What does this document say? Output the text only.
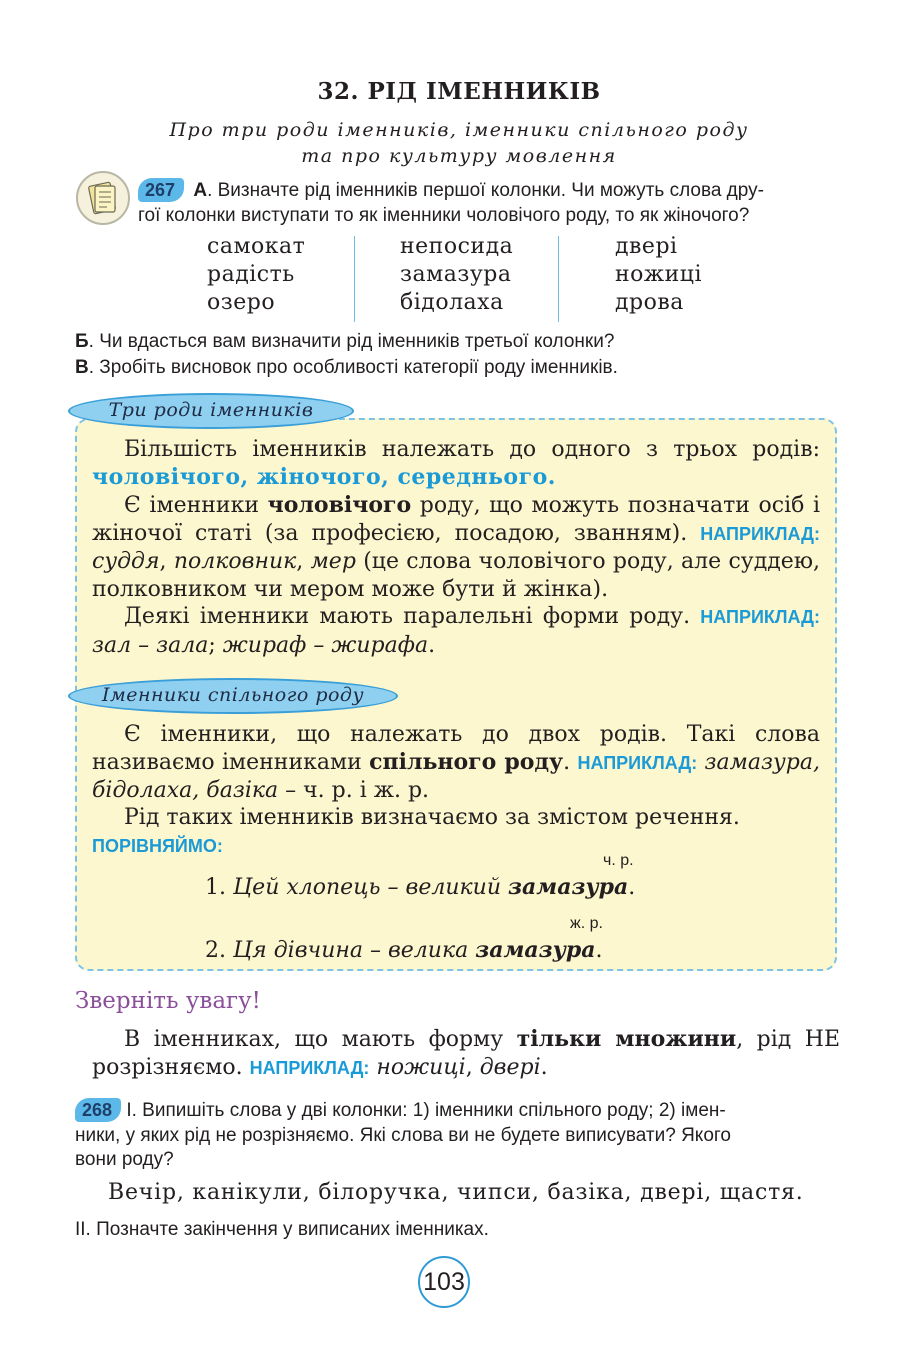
32. РІД ІМЕННИКІВ
Про три роди іменників, іменники спільного роду
та про культуру мовлення
267 А. Визначте рід іменників першої колонки. Чи можуть слова дру-
гої колонки виступати то як іменники чоловічого роду, то як жіночого?
самокат
радість
озеро
непосида
замазура
бідолаха
двері
ножиці
дрова
Б. Чи вдасться вам визначити рід іменників третьої колонки?
В. Зробіть висновок про особливості категорії роду іменників.
Три роди іменників
Більшість іменників належать до одного з трьох родів: чоловічого, жіночого, середнього.
Є іменники чоловічого роду, що можуть позначати осіб і жіночої статі (за професією, посадою, званням). НАПРИКЛАД: суддя, полковник, мер (це слова чоловічого роду, але суддею, полковником чи мером може бути й жінка).
Деякі іменники мають паралельні форми роду. НАПРИКЛАД: зал – зала; жираф – жирафа.
Іменники спільного роду
Є іменники, що належать до двох родів. Такі слова називаємо іменниками спільного роду. НАПРИКЛАД: замазура, бідолаха, базіка – ч. р. і ж. р.
Рід таких іменників визначаємо за змістом речення.
ПОРІВНЯЙМО:
ч. р.
1. Цей хлопець – великий замазура.
ж. р.
2. Ця дівчина – велика замазура.
Зверніть увагу!
В іменниках, що мають форму тільки множини, рід НЕ розрізняємо. НАПРИКЛАД: ножиці, двері.
268 І. Випишіть слова у дві колонки: 1) іменники спільного роду; 2) імен-
ники, у яких рід не розрізняємо. Які слова ви не будете виписувати? Якого
вони роду?
Вечір, канікули, білоручка, чипси, базіка, двері, щастя.
ІІ. Позначте закінчення у виписаних іменниках.
103
